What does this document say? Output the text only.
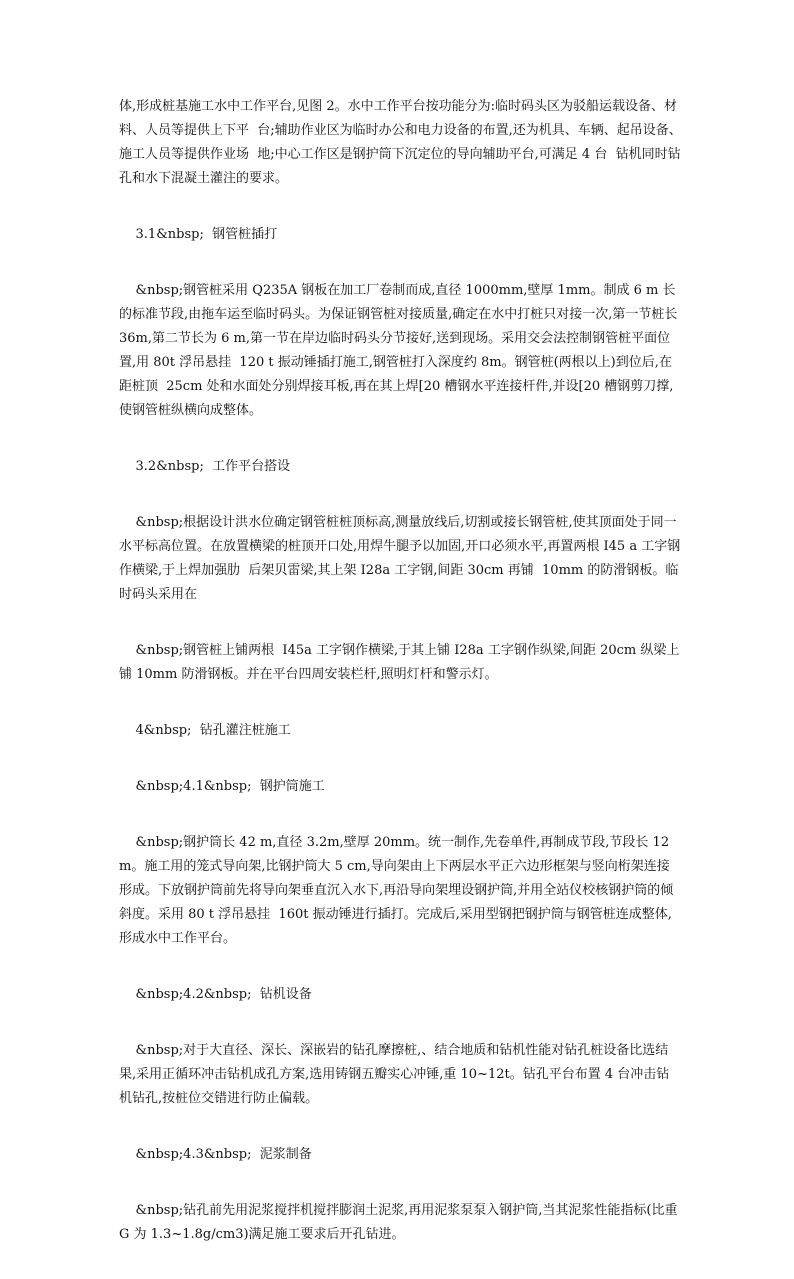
体,形成桩基施工水中工作平台,见图 2。水中工作平台按功能分为:临时码头区为驳船运载设备、材料、人员等提供上下平  台;辅助作业区为临时办公和电力设备的布置,还为机具、车辆、起吊设备、施工人员等提供作业场  地;中心工作区是钢护筒下沉定位的导向辅助平台,可满足 4 台  钻机同时钻孔和水下混凝土灌注的要求。

3.1&nbsp;  钢管桩插打

&nbsp;钢管桩采用 Q235A 钢板在加工厂卷制而成,直径 1000mm,壁厚 1mm。制成 6 m 长的标准节段,由拖车运至临时码头。为保证钢管桩对接质量,确定在水中打桩只对接一次,第一节桩长 36m,第二节长为 6 m,第一节在岸边临时码头分节接好,送到现场。采用交会法控制钢管桩平面位置,用 80t 浮吊悬挂  120 t 振动锤插打施工,钢管桩打入深度约 8m。钢管桩(两根以上)到位后,在距桩顶  25cm 处和水面处分别焊接耳板,再在其上焊[20 槽钢水平连接杆件,并设[20 槽钢剪刀撑,使钢管桩纵横向成整体。

3.2&nbsp;  工作平台搭设

&nbsp;根据设计洪水位确定钢管桩桩顶标高,测量放线后,切割或接长钢管桩,使其顶面处于同一水平标高位置。在放置横梁的桩顶开口处,用焊牛腿予以加固,开口必须水平,再置两根 I45 a 工字钢作横梁,于上焊加强肋  后架贝雷梁,其上架 I28a 工字钢,间距 30cm 再铺  10mm 的防滑钢板。临时码头采用在

&nbsp;钢管桩上铺两根  I45a 工字钢作横梁,于其上铺 I28a 工字钢作纵梁,间距 20cm 纵梁上铺 10mm 防滑钢板。并在平台四周安装栏杆,照明灯杆和警示灯。

4&nbsp;  钻孔灌注桩施工

&nbsp;4.1&nbsp;  钢护筒施工

&nbsp;钢护筒长 42 m,直径 3.2m,壁厚 20mm。统一制作,先卷单件,再制成节段,节段长 12m。施工用的笼式导向架,比钢护筒大 5 cm,导向架由上下两层水平正六边形框架与竖向桁架连接形成。下放钢护筒前先将导向架垂直沉入水下,再沿导向架埋设钢护筒,并用全站仪校核钢护筒的倾斜度。采用 80 t 浮吊悬挂  160t 振动锤进行插打。完成后,采用型钢把钢护筒与钢管桩连成整体,形成水中工作平台。

&nbsp;4.2&nbsp;  钻机设备

&nbsp;对于大直径、深长、深嵌岩的钻孔摩擦桩,、结合地质和钻机性能对钻孔桩设备比选结果,采用正循环冲击钻机成孔方案,选用铸钢五瓣实心冲锤,重 10~12t。钻孔平台布置 4 台冲击钻机钻孔,按桩位交错进行防止偏载。

&nbsp;4.3&nbsp;  泥浆制备

&nbsp;钻孔前先用泥浆搅拌机搅拌膨润土泥浆,再用泥浆泵泵入钢护筒,当其泥浆性能指标(比重 G 为 1.3~1.8g/cm3)满足施工要求后开孔钻进。
